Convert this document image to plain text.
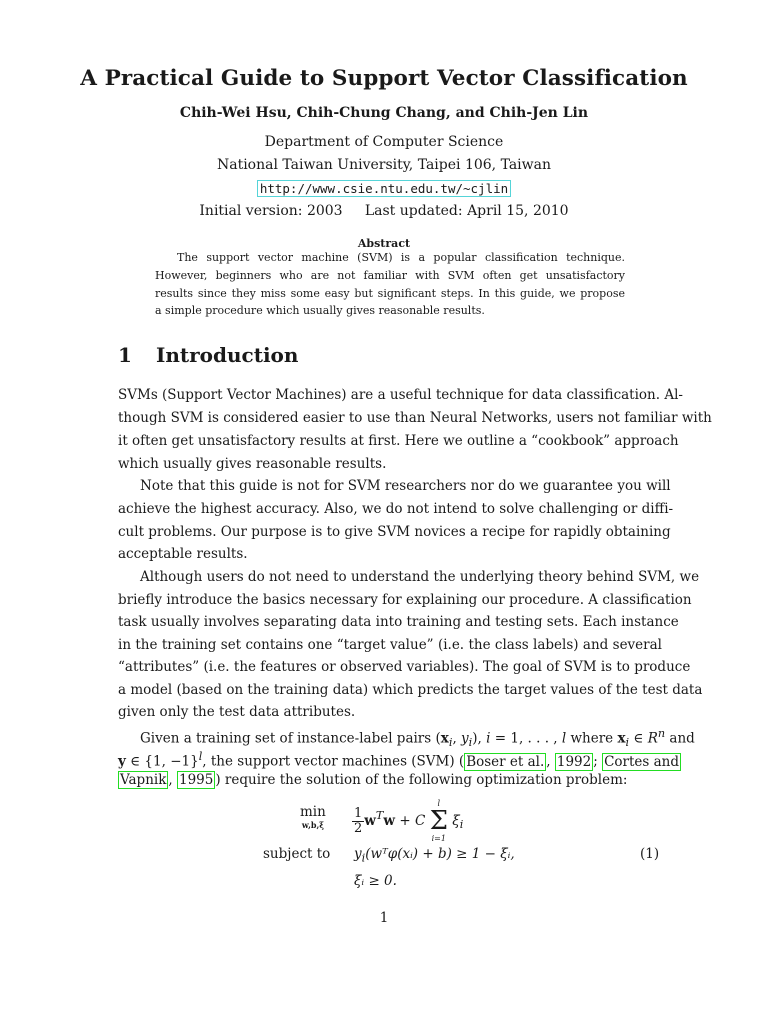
A Practical Guide to Support Vector Classification
Chih-Wei Hsu, Chih-Chung Chang, and Chih-Jen Lin
Department of Computer Science
National Taiwan University, Taipei 106, Taiwan
http://www.csie.ntu.edu.tw/~cjlin
Initial version: 2003     Last updated: April 15, 2010
Abstract
The support vector machine (SVM) is a popular classification technique.
However, beginners who are not familiar with SVM often get unsatisfactory
results since they miss some easy but significant steps. In this guide, we propose
a simple procedure which usually gives reasonable results.
1 Introduction
SVMs (Support Vector Machines) are a useful technique for data classification. Al-
though SVM is considered easier to use than Neural Networks, users not familiar with
it often get unsatisfactory results at first. Here we outline a “cookbook” approach
which usually gives reasonable results.
Note that this guide is not for SVM researchers nor do we guarantee you will
achieve the highest accuracy. Also, we do not intend to solve challenging or diffi-
cult problems. Our purpose is to give SVM novices a recipe for rapidly obtaining
acceptable results.
Although users do not need to understand the underlying theory behind SVM, we
briefly introduce the basics necessary for explaining our procedure. A classification
task usually involves separating data into training and testing sets. Each instance
in the training set contains one “target value” (i.e. the class labels) and several
“attributes” (i.e. the features or observed variables). The goal of SVM is to produce
a model (based on the training data) which predicts the target values of the test data
given only the test data attributes.
Given a training set of instance-label pairs ($x_i$, $y_i$), i = 1, . . . , l where $x_i$ ∈ $R^n$ and
y ∈ {1, −1}$^l$, the support vector machines (SVM) ( Boser et al. , 1992 ; Cortes and
Vapnik , 1995 ) require the solution of the following optimization problem:
min
$w,b,\xi \frac{1}{2} w^Tw + C$
l
Σ
i=1
$\xi_i$
subject to $y_i(wᵀ\varphi(xᵢ) + b) \ge 1$ − ξᵢ,	(1)
ξᵢ ≥ 0.
1
